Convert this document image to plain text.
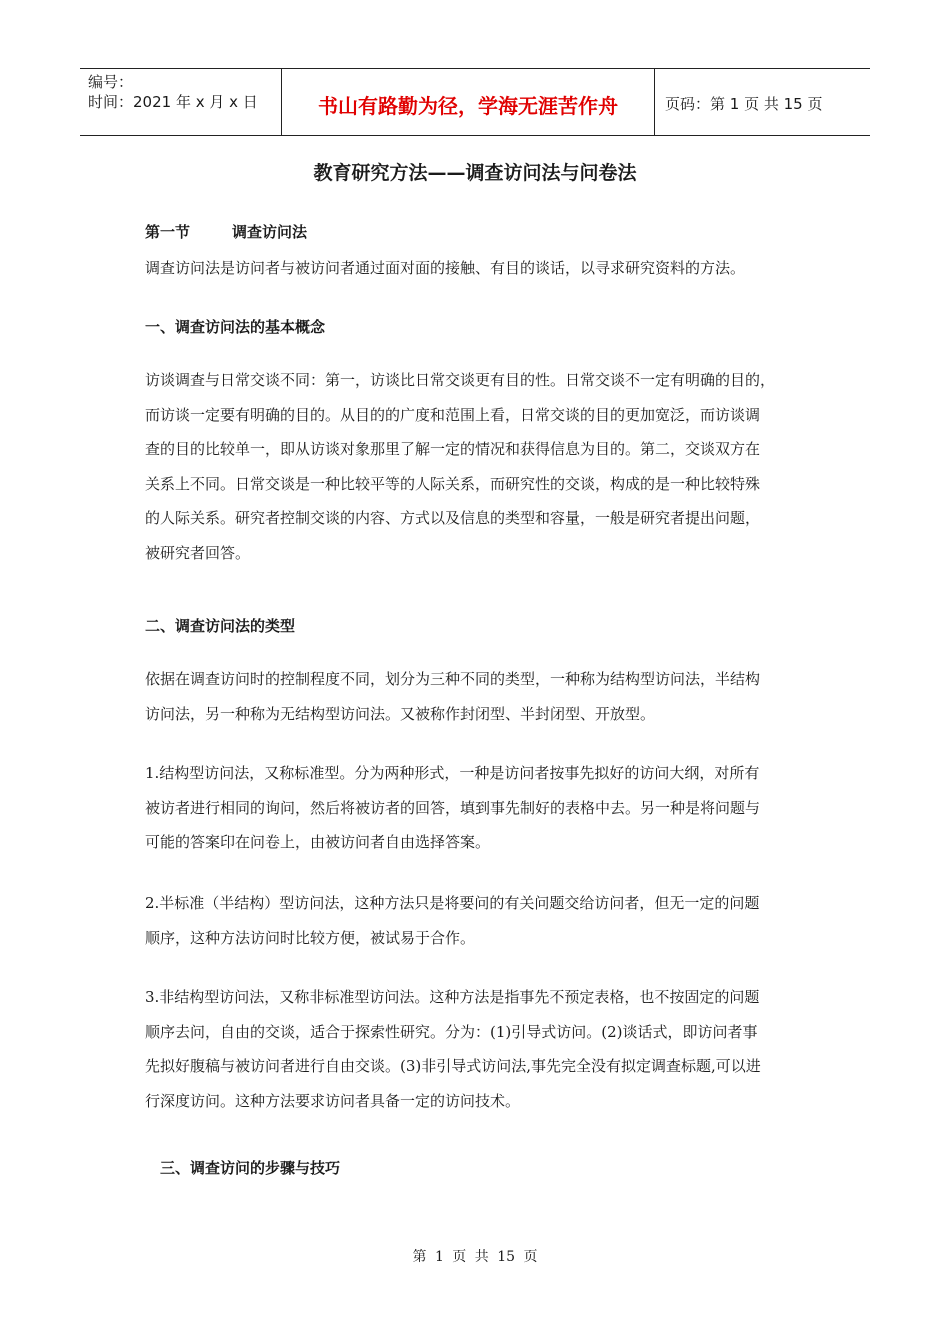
编号：
时间：2021 年 x 月 x 日	书山有路勤为径，学海无涯苦作舟	页码：第 1 页 共 15 页
教育研究方法——调查访问法与问卷法
第一节	调查访问法

调查访问法是访问者与被访问者通过面对面的接触、有目的谈话，以寻求研究资料的方法。

一、调查访问法的基本概念

访谈调查与日常交谈不同：第一，访谈比日常交谈更有目的性。日常交谈不一定有明确的目的，

而访谈一定要有明确的目的。从目的的广度和范围上看，日常交谈的目的更加宽泛，而访谈调

查的目的比较单一，即从访谈对象那里了解一定的情况和获得信息为目的。第二，交谈双方在

关系上不同。日常交谈是一种比较平等的人际关系，而研究性的交谈，构成的是一种比较特殊

的人际关系。研究者控制交谈的内容、方式以及信息的类型和容量，一般是研究者提出问题，

被研究者回答。

二、调查访问法的类型

依据在调查访问时的控制程度不同，划分为三种不同的类型，一种称为结构型访问法，半结构

访问法，另一种称为无结构型访问法。又被称作封闭型、半封闭型、开放型。

1.结构型访问法，又称标准型。分为两种形式，一种是访问者按事先拟好的访问大纲，对所有

被访者进行相同的询问，然后将被访者的回答，填到事先制好的表格中去。另一种是将问题与

可能的答案印在问卷上，由被访问者自由选择答案。

2.半标准（半结构）型访问法，这种方法只是将要问的有关问题交给访问者，但无一定的问题

顺序，这种方法访问时比较方便，被试易于合作。

3.非结构型访问法，又称非标准型访问法。这种方法是指事先不预定表格，也不按固定的问题

顺序去问，自由的交谈，适合于探索性研究。分为：(1)引导式访问。(2)谈话式，即访问者事

先拟好腹稿与被访问者进行自由交谈。(3)非引导式访问法,事先完全没有拟定调查标题,可以进

行深度访问。这种方法要求访问者具备一定的访问技术。

三、调查访问的步骤与技巧
第 1 页 共 15 页
